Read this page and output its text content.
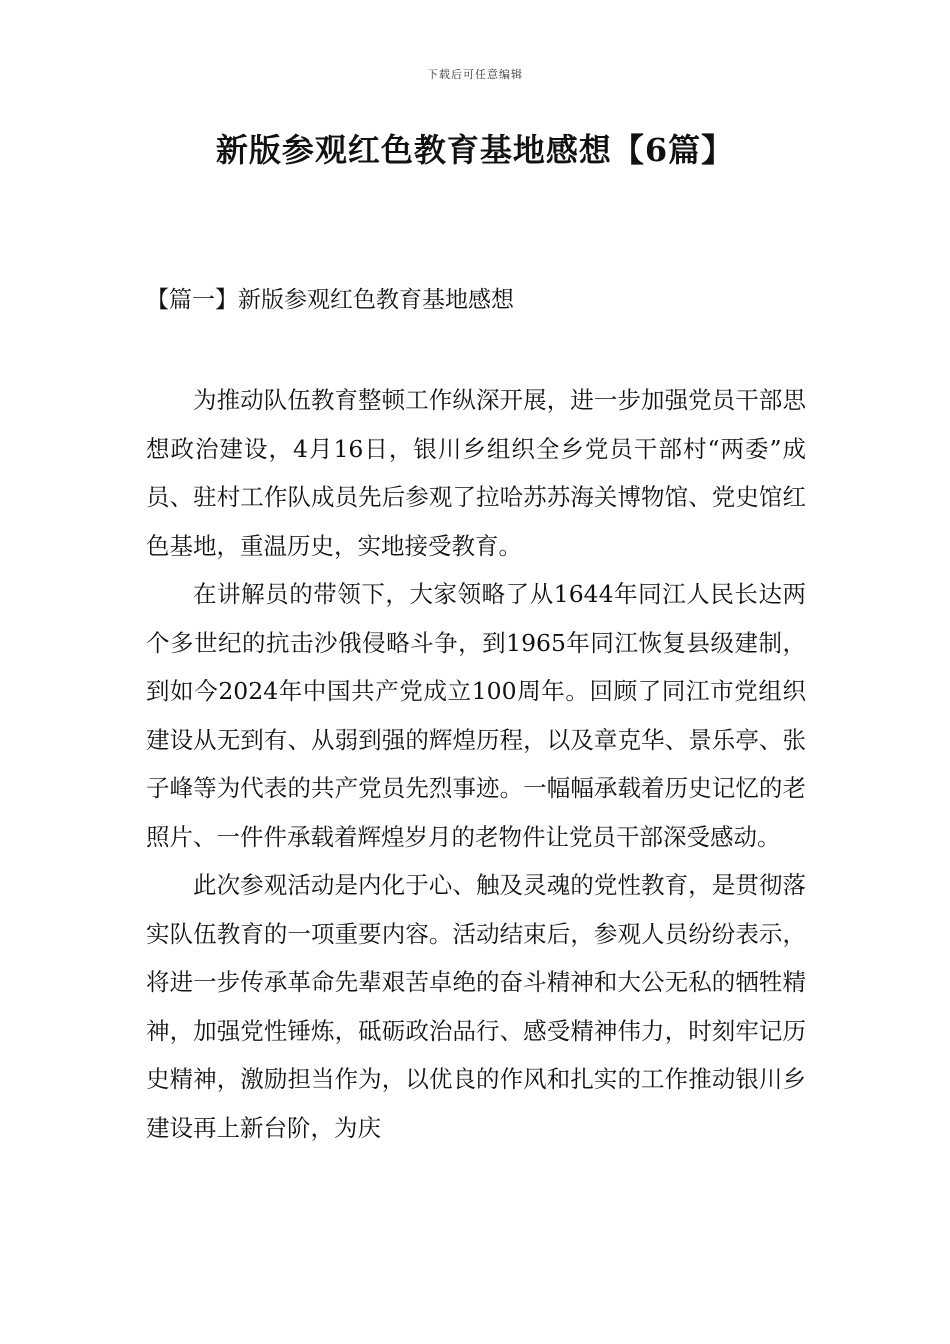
下载后可任意编辑
新版参观红色教育基地感想【6篇】
【篇一】新版参观红色教育基地感想

为推动队伍教育整顿工作纵深开展，进一步加强党员干部思想政治建设，4月16日，银川乡组织全乡党员干部村“两委”成员、驻村工作队成员先后参观了拉哈苏苏海关博物馆、党史馆红色基地，重温历史，实地接受教育。

在讲解员的带领下，大家领略了从1644年同江人民长达两个多世纪的抗击沙俄侵略斗争，到1965年同江恢复县级建制，到如今2024年中国共产党成立100周年。回顾了同江市党组织建设从无到有、从弱到强的辉煌历程，以及章克华、景乐亭、张子峰等为代表的共产党员先烈事迹。一幅幅承载着历史记忆的老照片、一件件承载着辉煌岁月的老物件让党员干部深受感动。

此次参观活动是内化于心、触及灵魂的党性教育，是贯彻落实队伍教育的一项重要内容。活动结束后，参观人员纷纷表示，将进一步传承革命先辈艰苦卓绝的奋斗精神和大公无私的牺牲精神，加强党性锤炼，砥砺政治品行、感受精神伟力，时刻牢记历史精神，激励担当作为，以优良的作风和扎实的工作推动银川乡建设再上新台阶，为庆
